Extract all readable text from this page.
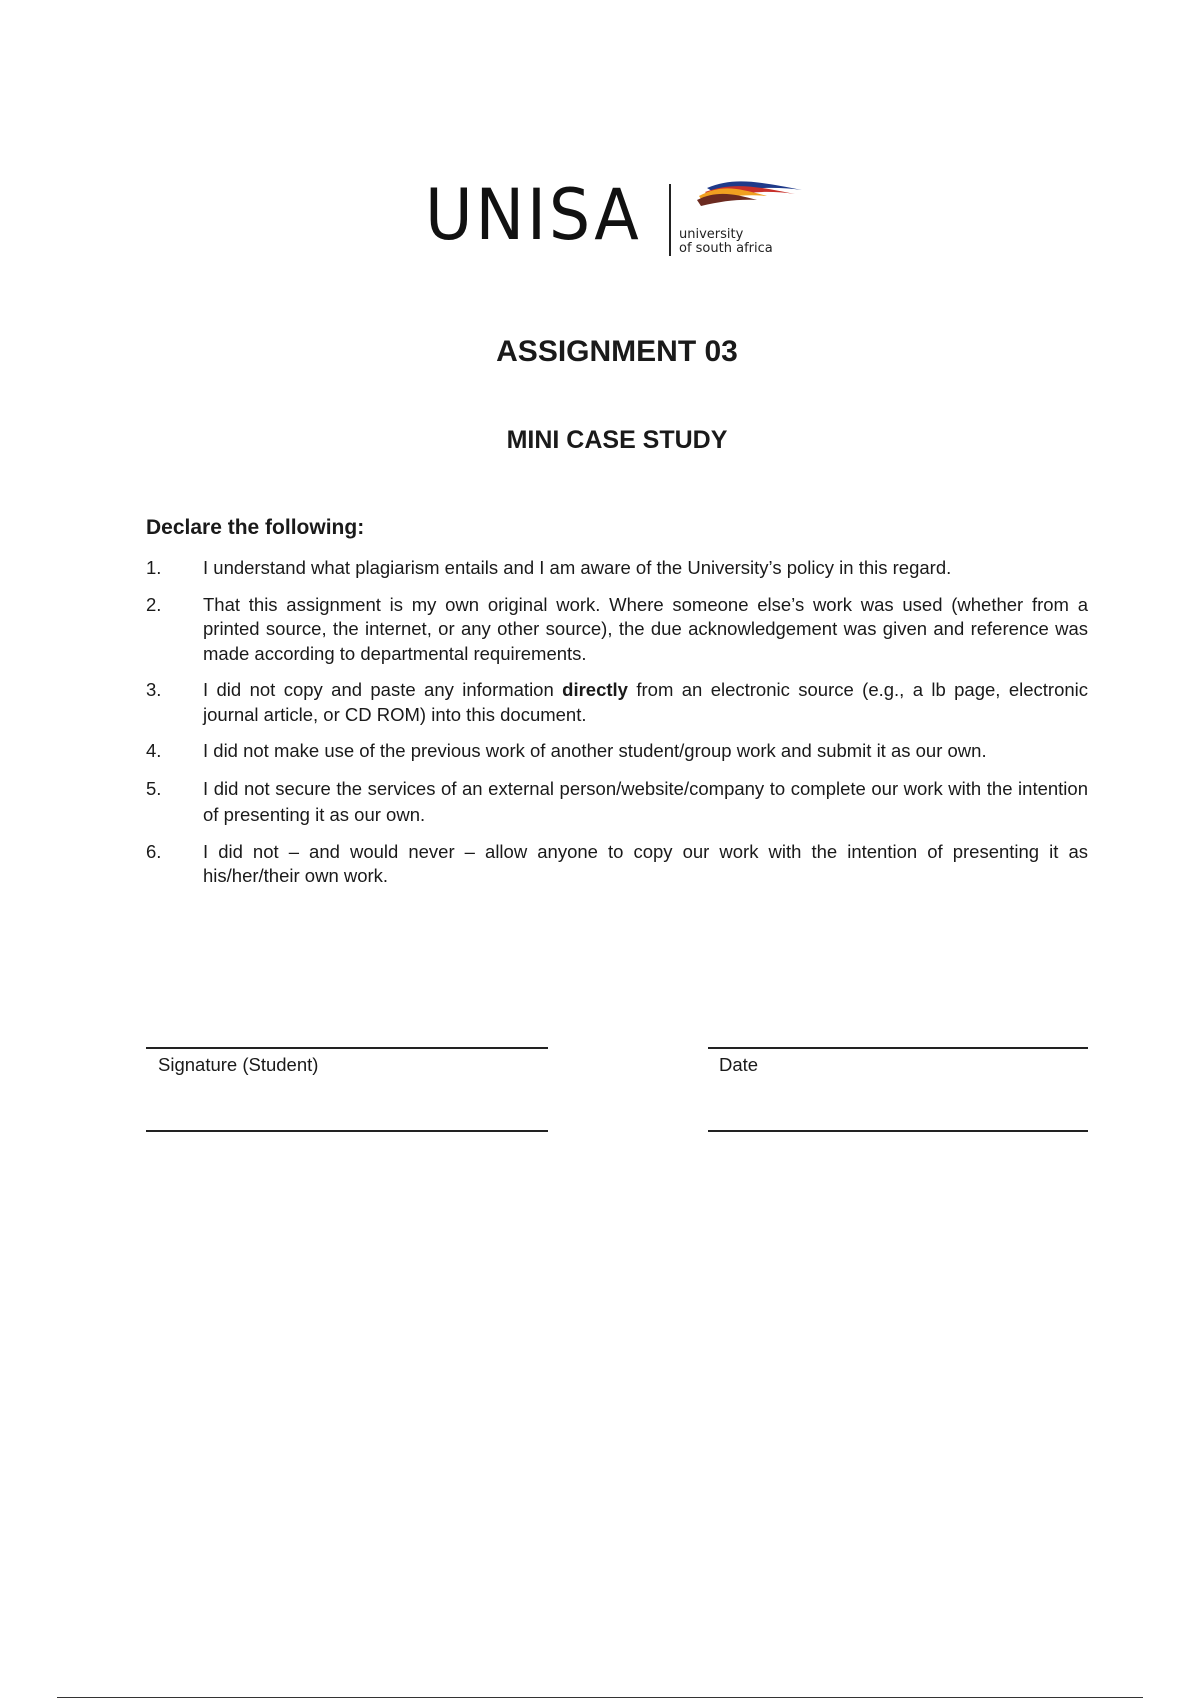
UNISA	university
of south africa
ASSIGNMENT 03
MINI CASE STUDY
Declare the following:
1. I understand what plagiarism entails and I am aware of the University’s policy in this regard.
2. That this assignment is my own original work. Where someone else’s work was used (whether from a printed source, the internet, or any other source), the due acknowledgement was given and reference was made according to departmental requirements.
3. I did not copy and paste any information directly from an electronic source (e.g., a lb page, electronic journal article, or CD ROM) into this document.
4. I did not make use of the previous work of another student/group work and submit it as our own.
5. I did not secure the services of an external person/website/company to complete our work with the intention of presenting it as our own.
6. I did not – and would never – allow anyone to copy our work with the intention of presenting it as his/her/their own work.
Signature (Student)	Date
